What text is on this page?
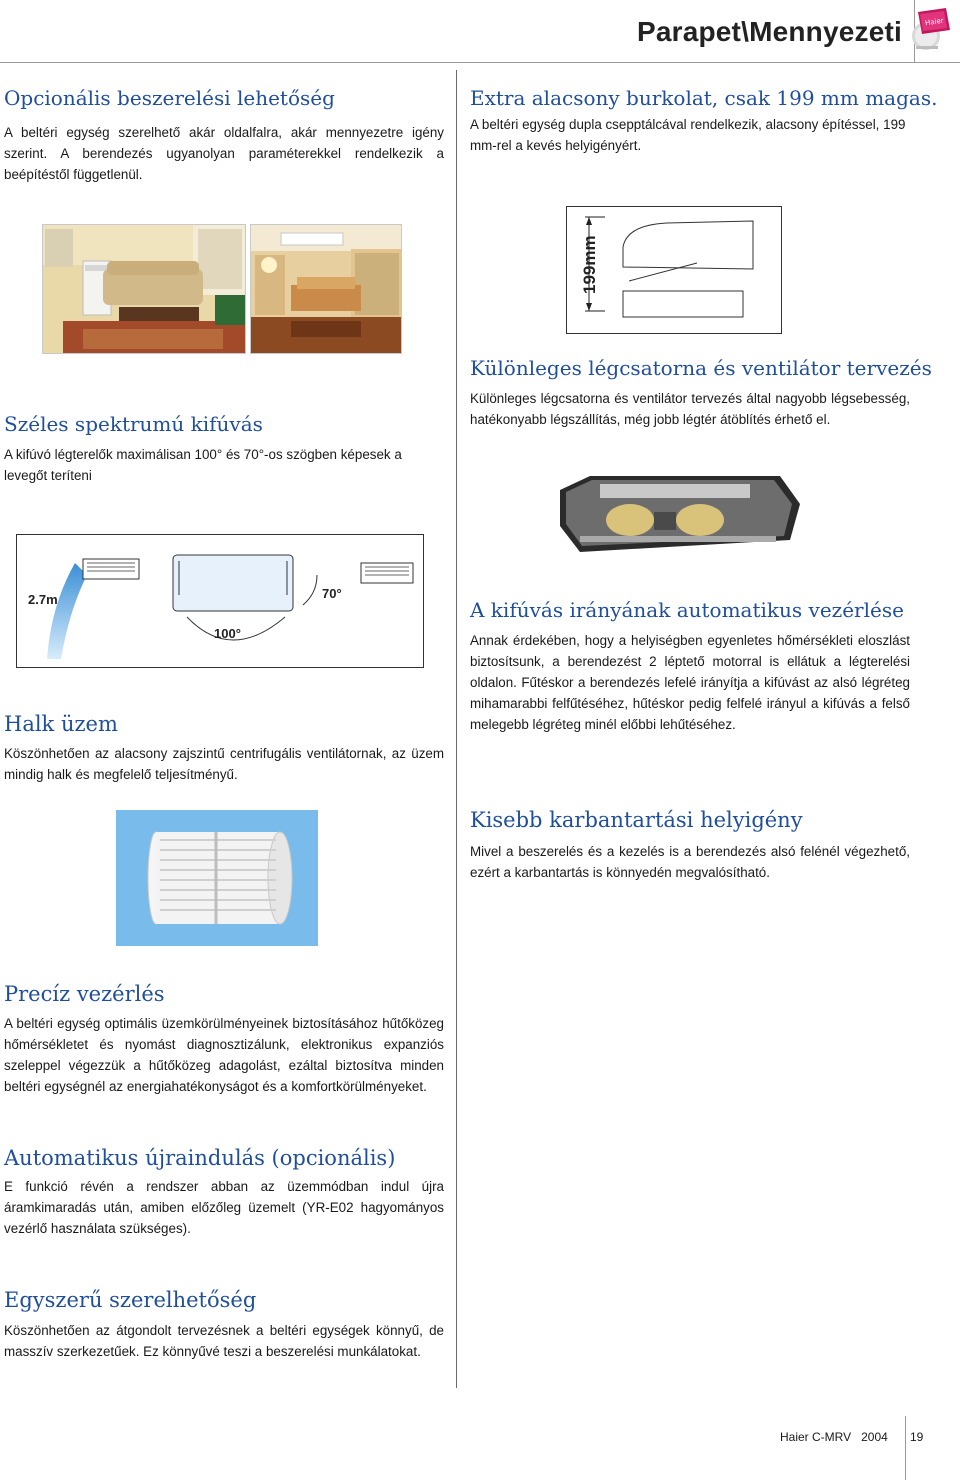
Parapet\Mennyezeti	Haier
Opcionális beszerelési lehetőség
A beltéri egység szerelhető akár oldalfalra, akár mennyezetre igény szerint. A berendezés ugyanolyan paraméterekkel rendelkezik a beépítéstől függetlenül.
Extra alacsony burkolat, csak 199 mm magas.
A beltéri egység dupla csepptálcával rendelkezik, alacsony építéssel, 199 mm-rel a kevés helyigényért.
199mm
Széles spektrumú kifúvás
A kifúvó légterelők maximálisan 100° és 70°-os szögben képesek a levegőt teríteni
Különleges légcsatorna és ventilátor tervezés
Különleges légcsatorna és ventilátor tervezés által nagyobb légsebesség, hatékonyabb légszállítás, még jobb légtér átöblítés érhető el.
2.7m
100°
70°
A kifúvás irányának automatikus vezérlése
Annak érdekében, hogy a helyiségben egyenletes hőmérsékleti eloszlást biztosítsunk, a berendezést 2 léptető motorral is ellátuk a légterelési oldalon. Fűtéskor a berendezés lefelé irányítja a kifúvást az alsó légréteg mihamarabbi felfűtéséhez, hűtéskor pedig felfelé irányul a kifúvás a felső melegebb légréteg minél előbbi lehűtéséhez.
Halk üzem
Köszönhetően az alacsony zajszintű centrifugális ventilátornak, az üzem mindig halk és megfelelő teljesítményű.
Kisebb karbantartási helyigény
Mivel a beszerelés és a kezelés is a berendezés alsó felénél végezhető, ezért a karbantartás is könnyedén megvalósítható.
Precíz vezérlés
A beltéri egység optimális üzemkörülményeinek biztosításához hűtőközeg hőmérsékletet és nyomást diagnosztizálunk, elektronikus expanziós szeleppel végezzük a hűtőközeg adagolást, ezáltal biztosítva minden beltéri egységnél az energiahatékonyságot és a komfortkörülményeket.
Automatikus újraindulás (opcionális)
E funkció révén a rendszer abban az üzemmódban indul újra áramkimaradás után, amiben előzőleg üzemelt (YR-E02 hagyományos vezérlő használata szükséges).
Egyszerű szerelhetőség
Köszönhetően az átgondolt tervezésnek a beltéri egységek könnyű, de masszív szerkezetűek. Ez könnyűvé teszi a beszerelési munkálatokat.
Haier C-MRV   2004 19
